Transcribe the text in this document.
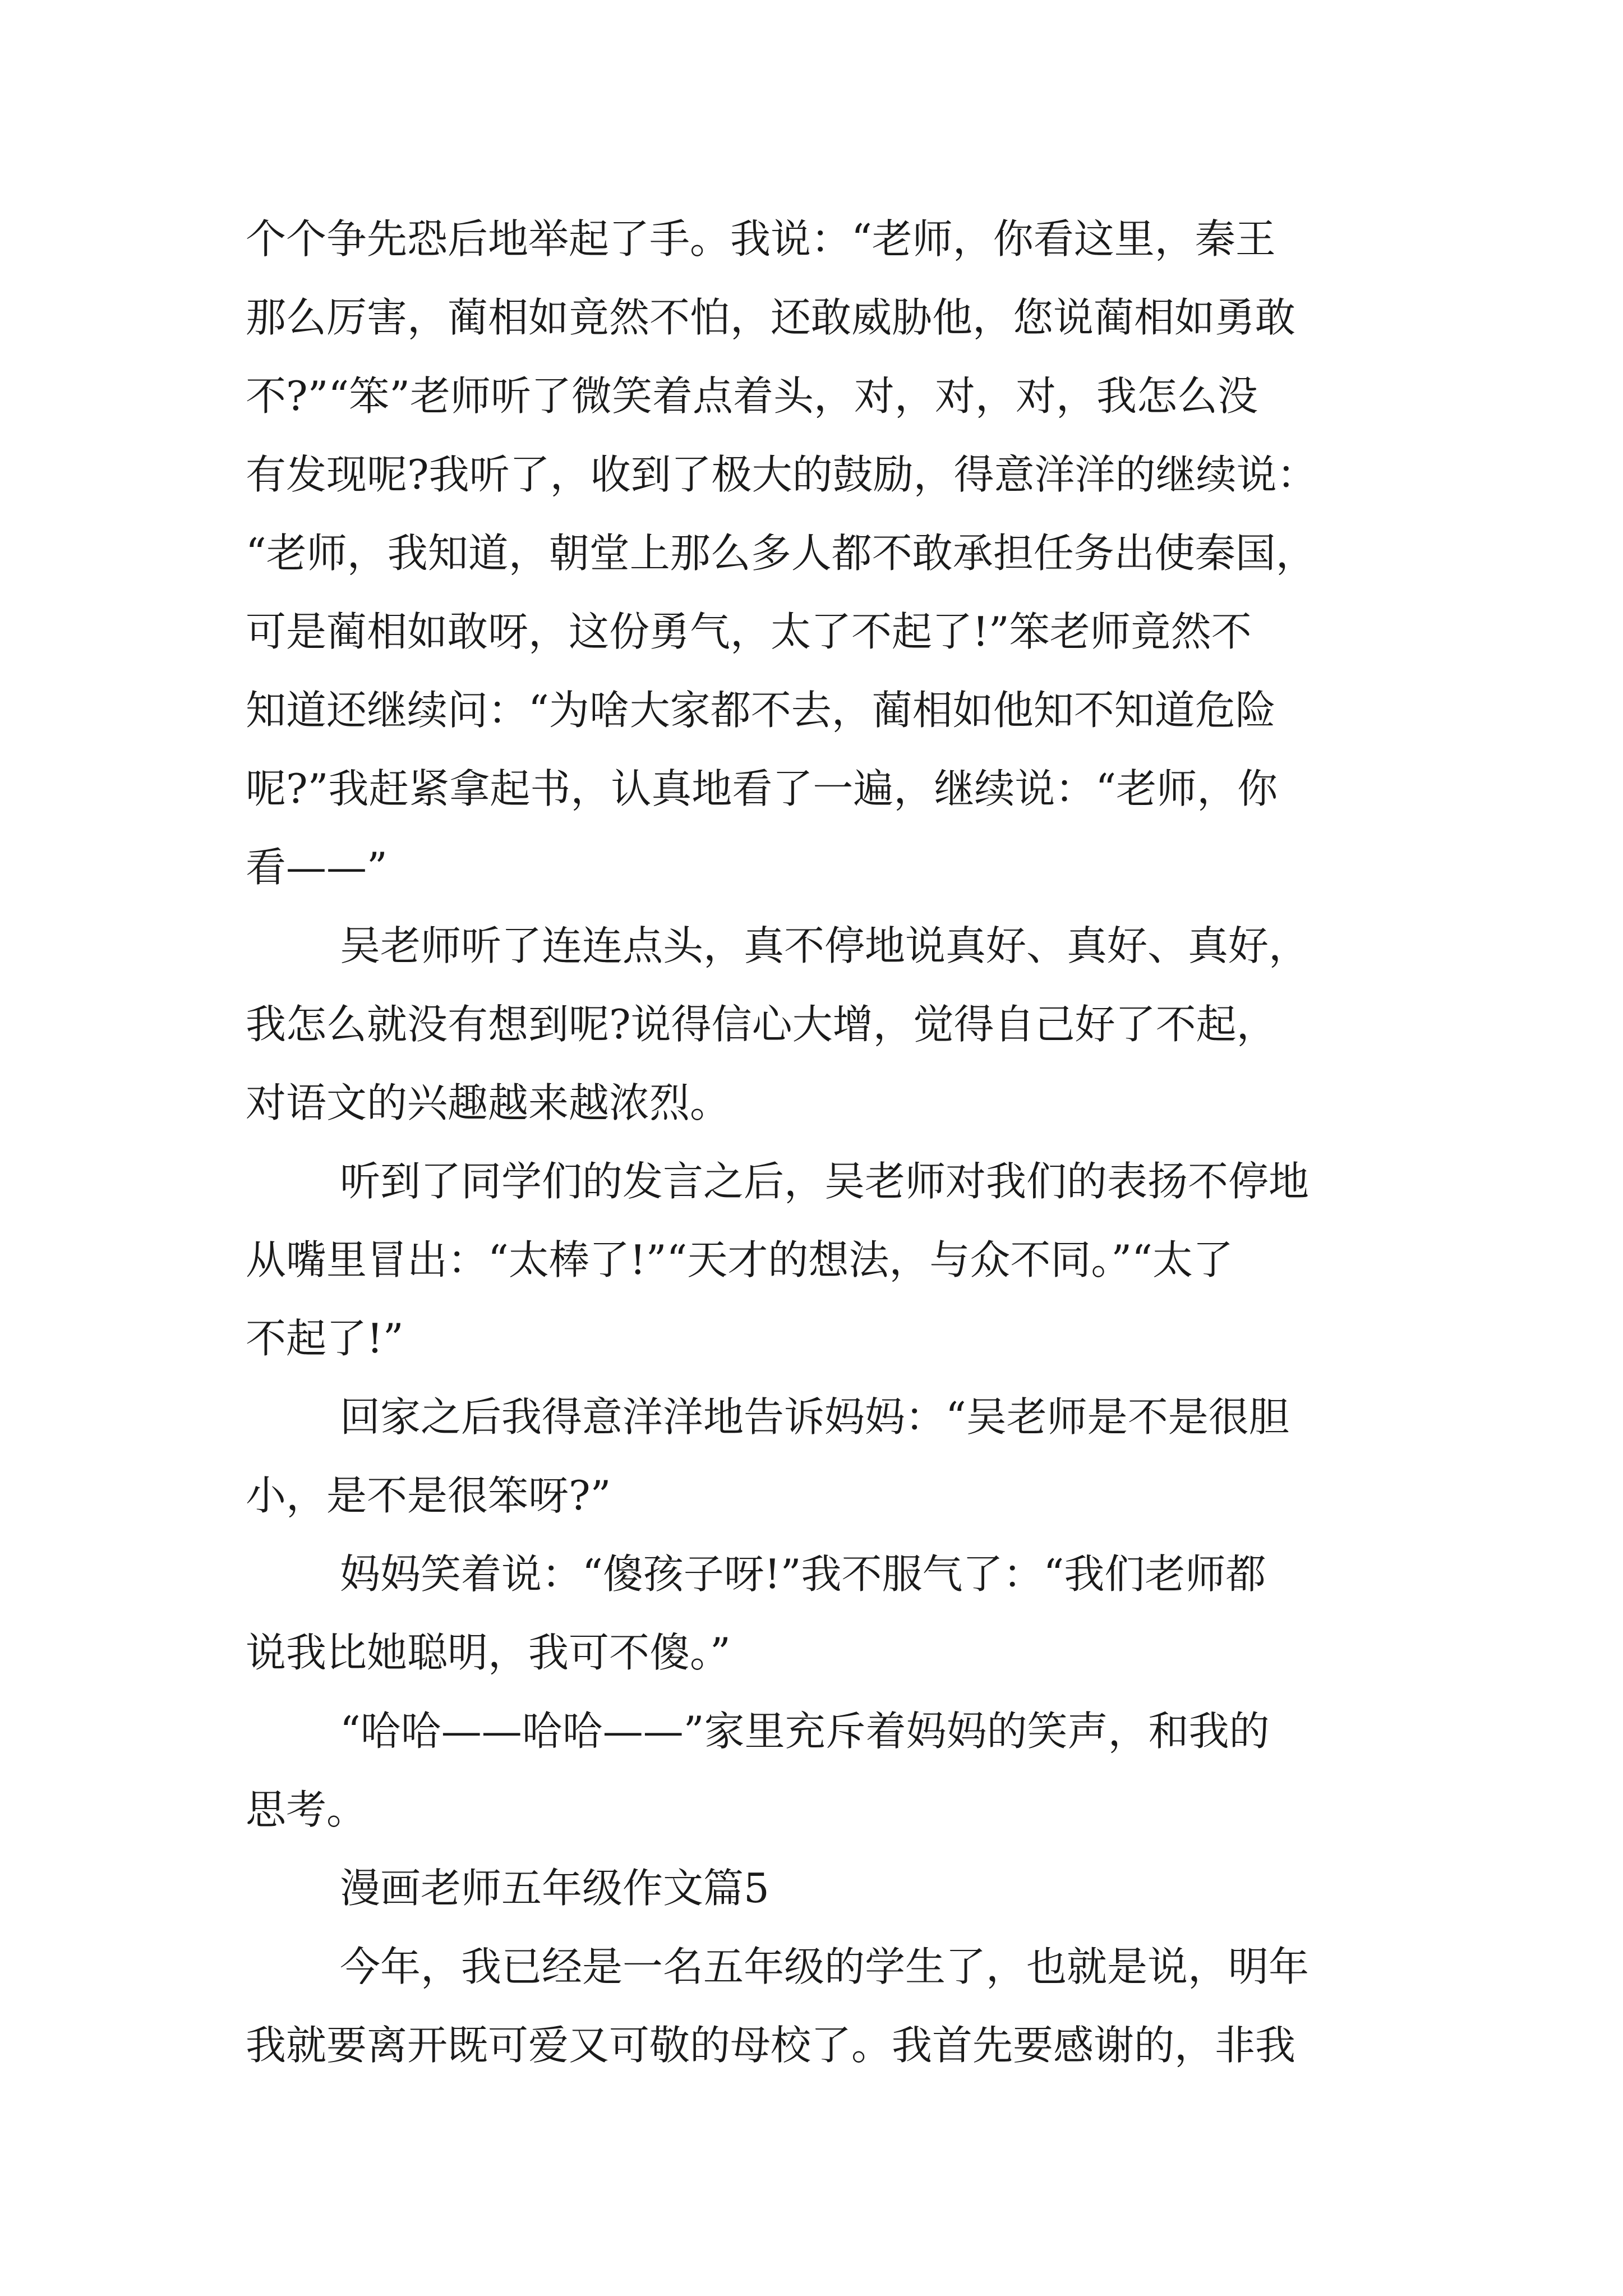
个个争先恐后地举起了手。我说：“老师，你看这里，秦王
那么厉害，蔺相如竟然不怕，还敢威胁他，您说蔺相如勇敢
不?”“笨”老师听了微笑着点着头，对，对，对，我怎么没
有发现呢?我听了，收到了极大的鼓励，得意洋洋的继续说：
“老师，我知道，朝堂上那么多人都不敢承担任务出使秦国，
可是蔺相如敢呀，这份勇气，太了不起了!”笨老师竟然不
知道还继续问：“为啥大家都不去，蔺相如他知不知道危险
呢?”我赶紧拿起书，认真地看了一遍，继续说：“老师，你
看——”
吴老师听了连连点头，真不停地说真好、真好、真好，
我怎么就没有想到呢?说得信心大增，觉得自己好了不起，
对语文的兴趣越来越浓烈。
听到了同学们的发言之后，吴老师对我们的表扬不停地
从嘴里冒出：“太棒了!”“天才的想法，与众不同。”“太了
不起了!”
回家之后我得意洋洋地告诉妈妈：“吴老师是不是很胆
小，是不是很笨呀?”
妈妈笑着说：“傻孩子呀!”我不服气了：“我们老师都
说我比她聪明，我可不傻。”
“哈哈——哈哈——”家里充斥着妈妈的笑声，和我的
思考。
漫画老师五年级作文篇5
今年，我已经是一名五年级的学生了，也就是说，明年
我就要离开既可爱又可敬的母校了。我首先要感谢的，非我
